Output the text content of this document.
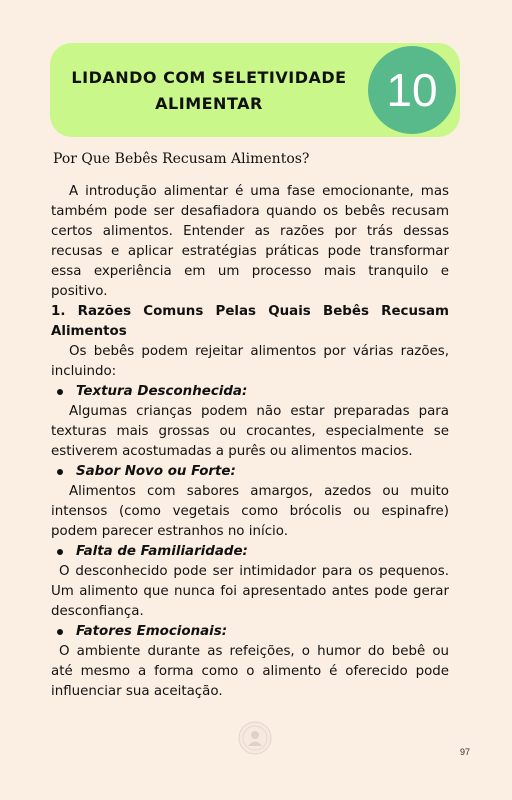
LIDANDO COM SELETIVIDADE
ALIMENTAR	10
Por Que Bebês Recusam Alimentos?

A introdução alimentar é uma fase emocionante, mas também pode ser desafiadora quando os bebês recusam certos alimentos. Entender as razões por trás dessas recusas e aplicar estratégias práticas pode transformar essa experiência em um processo mais tranquilo e positivo.

1. Razões Comuns Pelas Quais Bebês Recusam Alimentos

Os bebês podem rejeitar alimentos por várias razões, incluindo:

Textura Desconhecida:

Algumas crianças podem não estar preparadas para texturas mais grossas ou crocantes, especialmente se estiverem acostumadas a purês ou alimentos macios.

Sabor Novo ou Forte:

Alimentos com sabores amargos, azedos ou muito intensos (como vegetais como brócolis ou espinafre) podem parecer estranhos no início.

Falta de Familiaridade:

O desconhecido pode ser intimidador para os pequenos. Um alimento que nunca foi apresentado antes pode gerar desconfiança.

Fatores Emocionais:

O ambiente durante as refeições, o humor do bebê ou até mesmo a forma como o alimento é oferecido pode influenciar sua aceitação.

97
